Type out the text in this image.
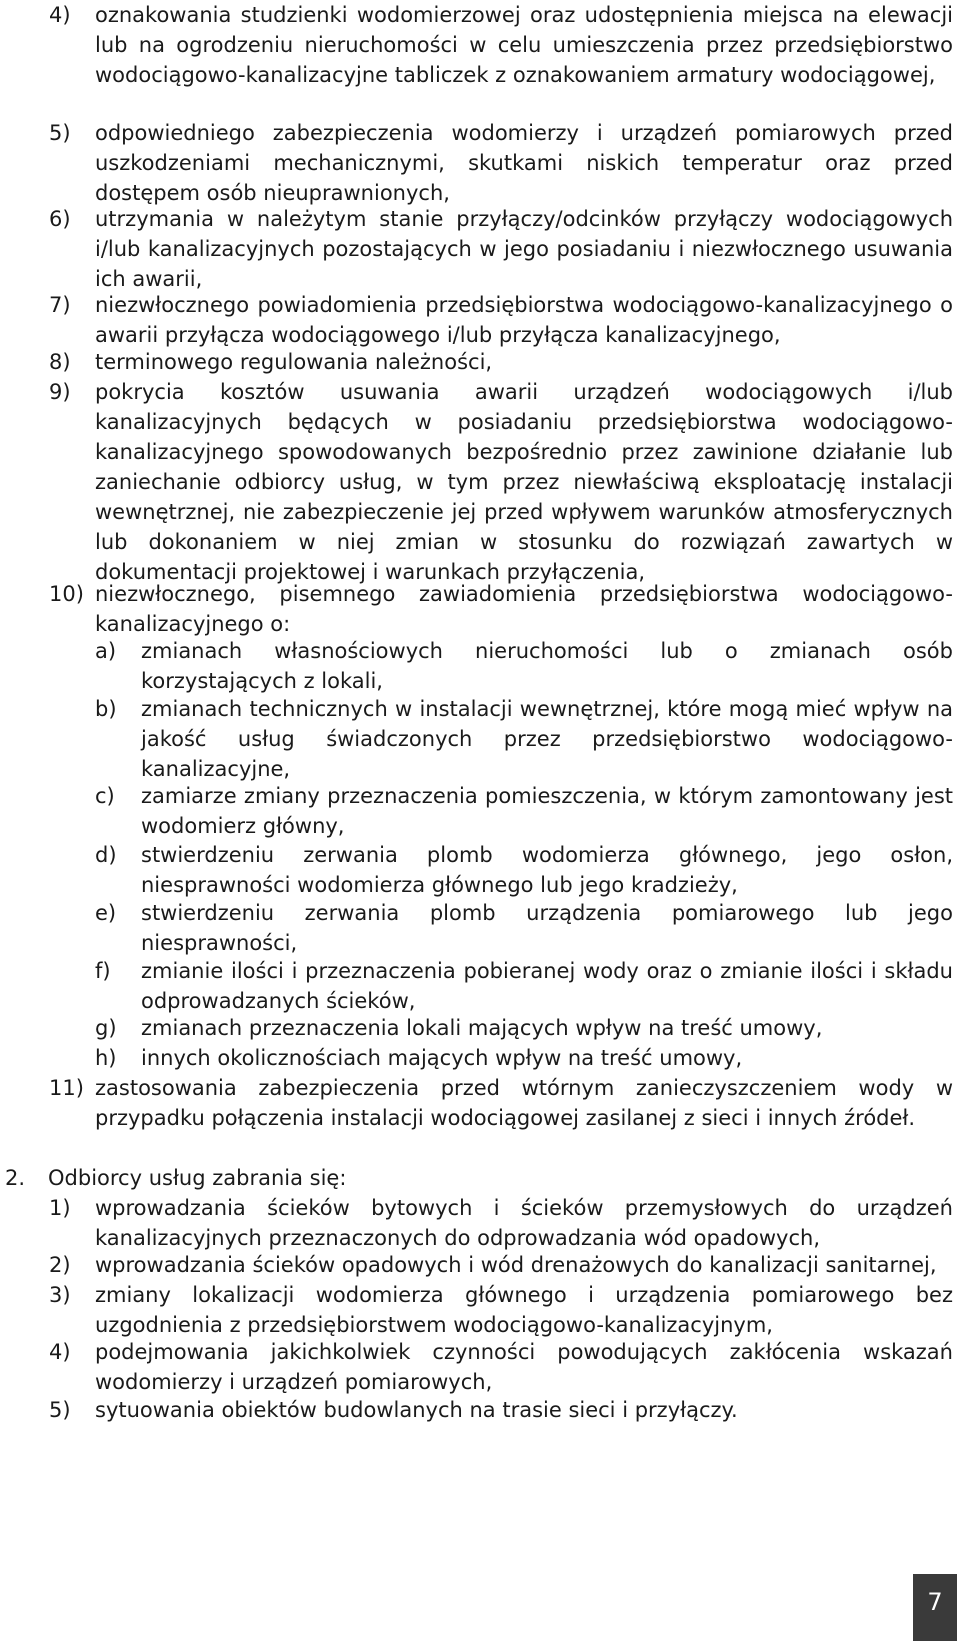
4) oznakowania studzienki wodomierzowej oraz udostępnienia miejsca na elewacji lub na ogrodzeniu nieruchomości w celu umieszczenia przez przedsiębiorstwo wodociągowo-kanalizacyjne tabliczek z oznakowaniem armatury wodociągowej,
5) odpowiedniego zabezpieczenia wodomierzy i urządzeń pomiarowych przed uszkodzeniami mechanicznymi, skutkami niskich temperatur oraz przed dostępem osób nieuprawnionych,
6) utrzymania w należytym stanie przyłączy/odcinków przyłączy wodociągowych i/lub kanalizacyjnych pozostających w jego posiadaniu i niezwłocznego usuwania ich awarii,
7) niezwłocznego powiadomienia przedsiębiorstwa wodociągowo-kanalizacyjnego o awarii przyłącza wodociągowego i/lub przyłącza kanalizacyjnego,
8) terminowego regulowania należności,
9) pokrycia kosztów usuwania awarii urządzeń wodociągowych i/lub kanalizacyjnych będących w posiadaniu przedsiębiorstwa wodociągowo-kanalizacyjnego spowodowanych bezpośrednio przez zawinione działanie lub zaniechanie odbiorcy usług, w tym przez niewłaściwą eksploatację instalacji wewnętrznej, nie zabezpieczenie jej przed wpływem warunków atmosferycznych lub dokonaniem w niej zmian w stosunku do rozwiązań zawartych w dokumentacji projektowej i warunkach przyłączenia,
10) niezwłocznego, pisemnego zawiadomienia przedsiębiorstwa wodociągowo-kanalizacyjnego o:
a) zmianach własnościowych nieruchomości lub o zmianach osób korzystających z lokali,
b) zmianach technicznych w instalacji wewnętrznej, które mogą mieć wpływ na jakość usług świadczonych przez przedsiębiorstwo wodociągowo-kanalizacyjne,
c) zamiarze zmiany przeznaczenia pomieszczenia, w którym zamontowany jest wodomierz główny,
d) stwierdzeniu zerwania plomb wodomierza głównego, jego osłon, niesprawności wodomierza głównego lub jego kradzieży,
e) stwierdzeniu zerwania plomb urządzenia pomiarowego lub jego niesprawności,
f) zmianie ilości i przeznaczenia pobieranej wody oraz o zmianie ilości i składu odprowadzanych ścieków,
g) zmianach przeznaczenia lokali mających wpływ na treść umowy,
h) innych okolicznościach mających wpływ na treść umowy,
11) zastosowania zabezpieczenia przed wtórnym zanieczyszczeniem wody w przypadku połączenia instalacji wodociągowej zasilanej z sieci i innych źródeł.
2. Odbiorcy usług zabrania się:
1) wprowadzania ścieków bytowych i ścieków przemysłowych do urządzeń kanalizacyjnych przeznaczonych do odprowadzania wód opadowych,
2) wprowadzania ścieków opadowych i wód drenażowych do kanalizacji sanitarnej,
3) zmiany lokalizacji wodomierza głównego i urządzenia pomiarowego bez uzgodnienia z przedsiębiorstwem wodociągowo-kanalizacyjnym,
4) podejmowania jakichkolwiek czynności powodujących zakłócenia wskazań wodomierzy i urządzeń pomiarowych,
5) sytuowania obiektów budowlanych na trasie sieci i przyłączy.
7
